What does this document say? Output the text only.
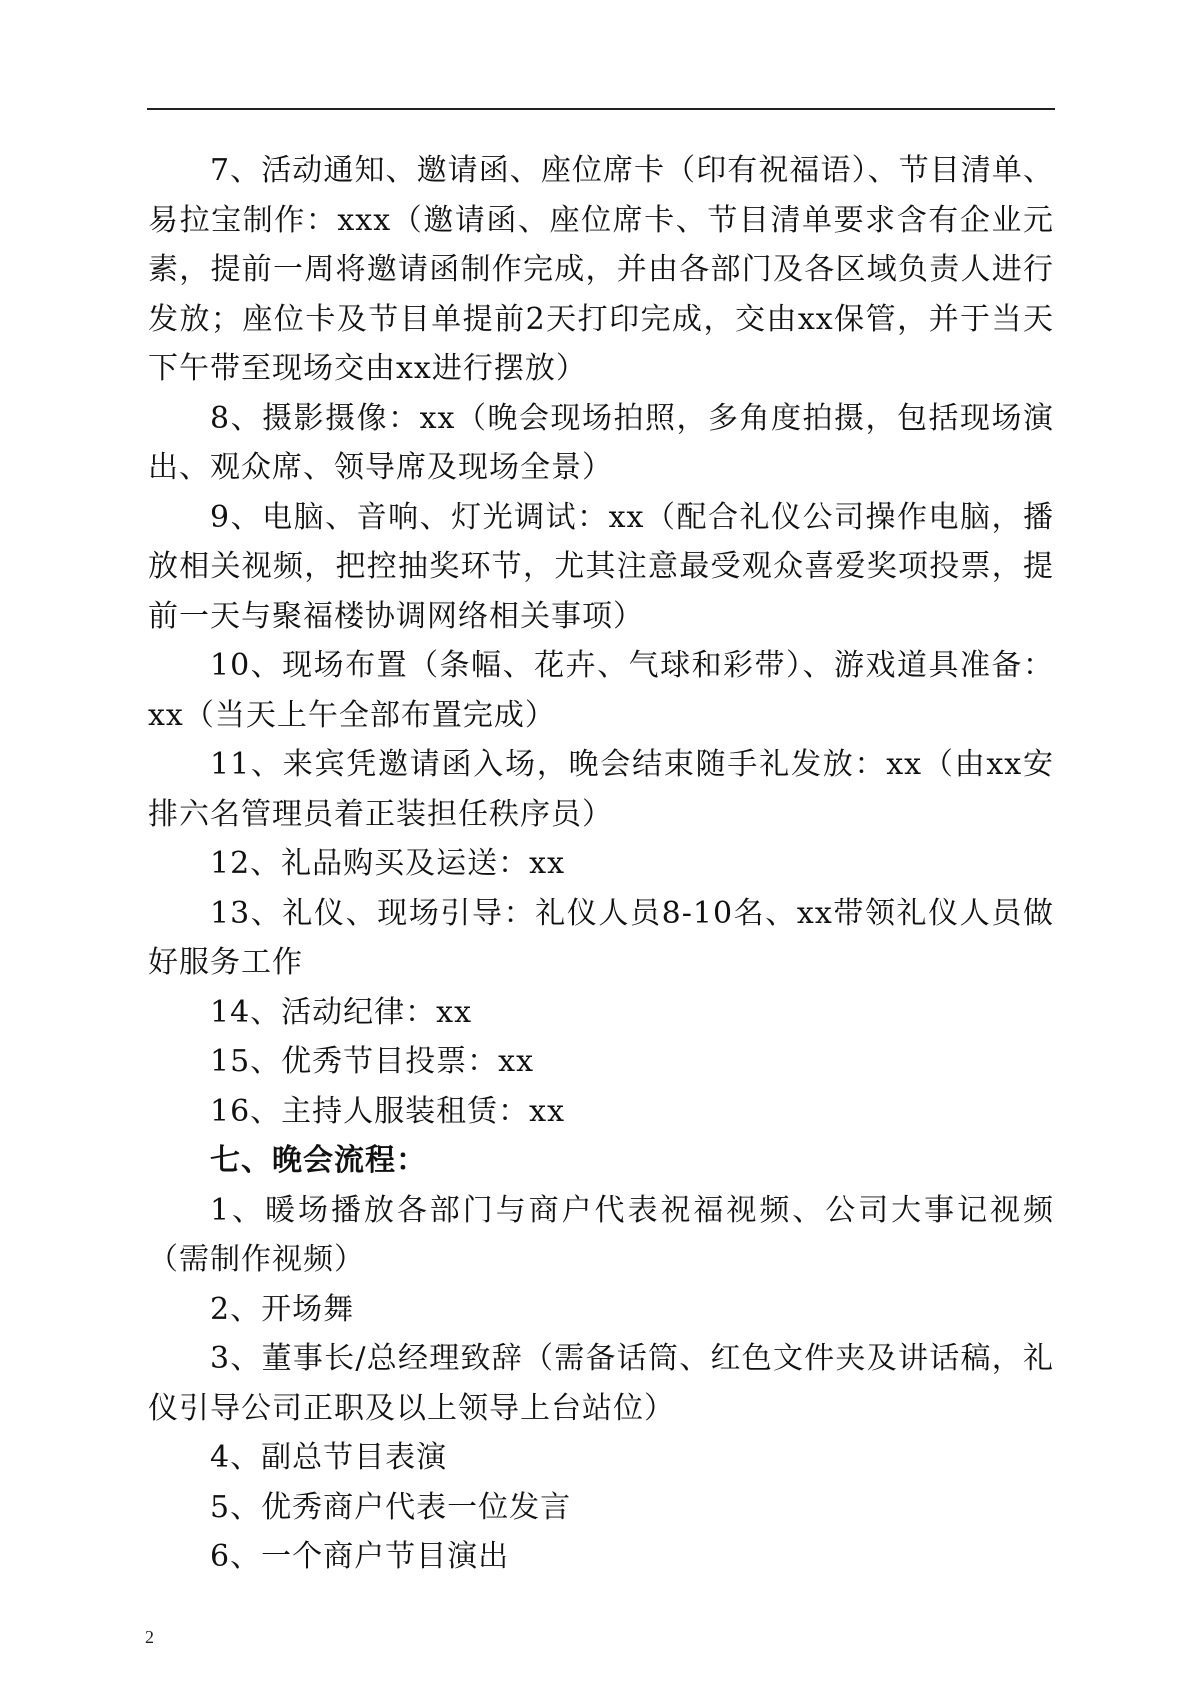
7、活动通知、邀请函、座位席卡（印有祝福语）、节目清单、易拉宝制作：xxx（邀请函、座位席卡、节目清单要求含有企业元素，提前一周将邀请函制作完成，并由各部门及各区域负责人进行发放；座位卡及节目单提前2天打印完成，交由xx保管，并于当天下午带至现场交由xx进行摆放）

8、摄影摄像：xx（晚会现场拍照，多角度拍摄，包括现场演出、观众席、领导席及现场全景）

9、电脑、音响、灯光调试：xx（配合礼仪公司操作电脑，播放相关视频，把控抽奖环节，尤其注意最受观众喜爱奖项投票，提前一天与聚福楼协调网络相关事项）

10、现场布置（条幅、花卉、气球和彩带）、游戏道具准备：xx（当天上午全部布置完成）

11、来宾凭邀请函入场，晚会结束随手礼发放：xx（由xx安排六名管理员着正装担任秩序员）

12、礼品购买及运送：xx

13、礼仪、现场引导：礼仪人员8-10名、xx带领礼仪人员做好服务工作

14、活动纪律：xx

15、优秀节目投票：xx

16、主持人服装租赁：xx

七、晚会流程：

1、暖场播放各部门与商户代表祝福视频、公司大事记视频（需制作视频）

2、开场舞

3、董事长/总经理致辞（需备话筒、红色文件夹及讲话稿，礼仪引导公司正职及以上领导上台站位）

4、副总节目表演

5、优秀商户代表一位发言

6、一个商户节目演出

2
